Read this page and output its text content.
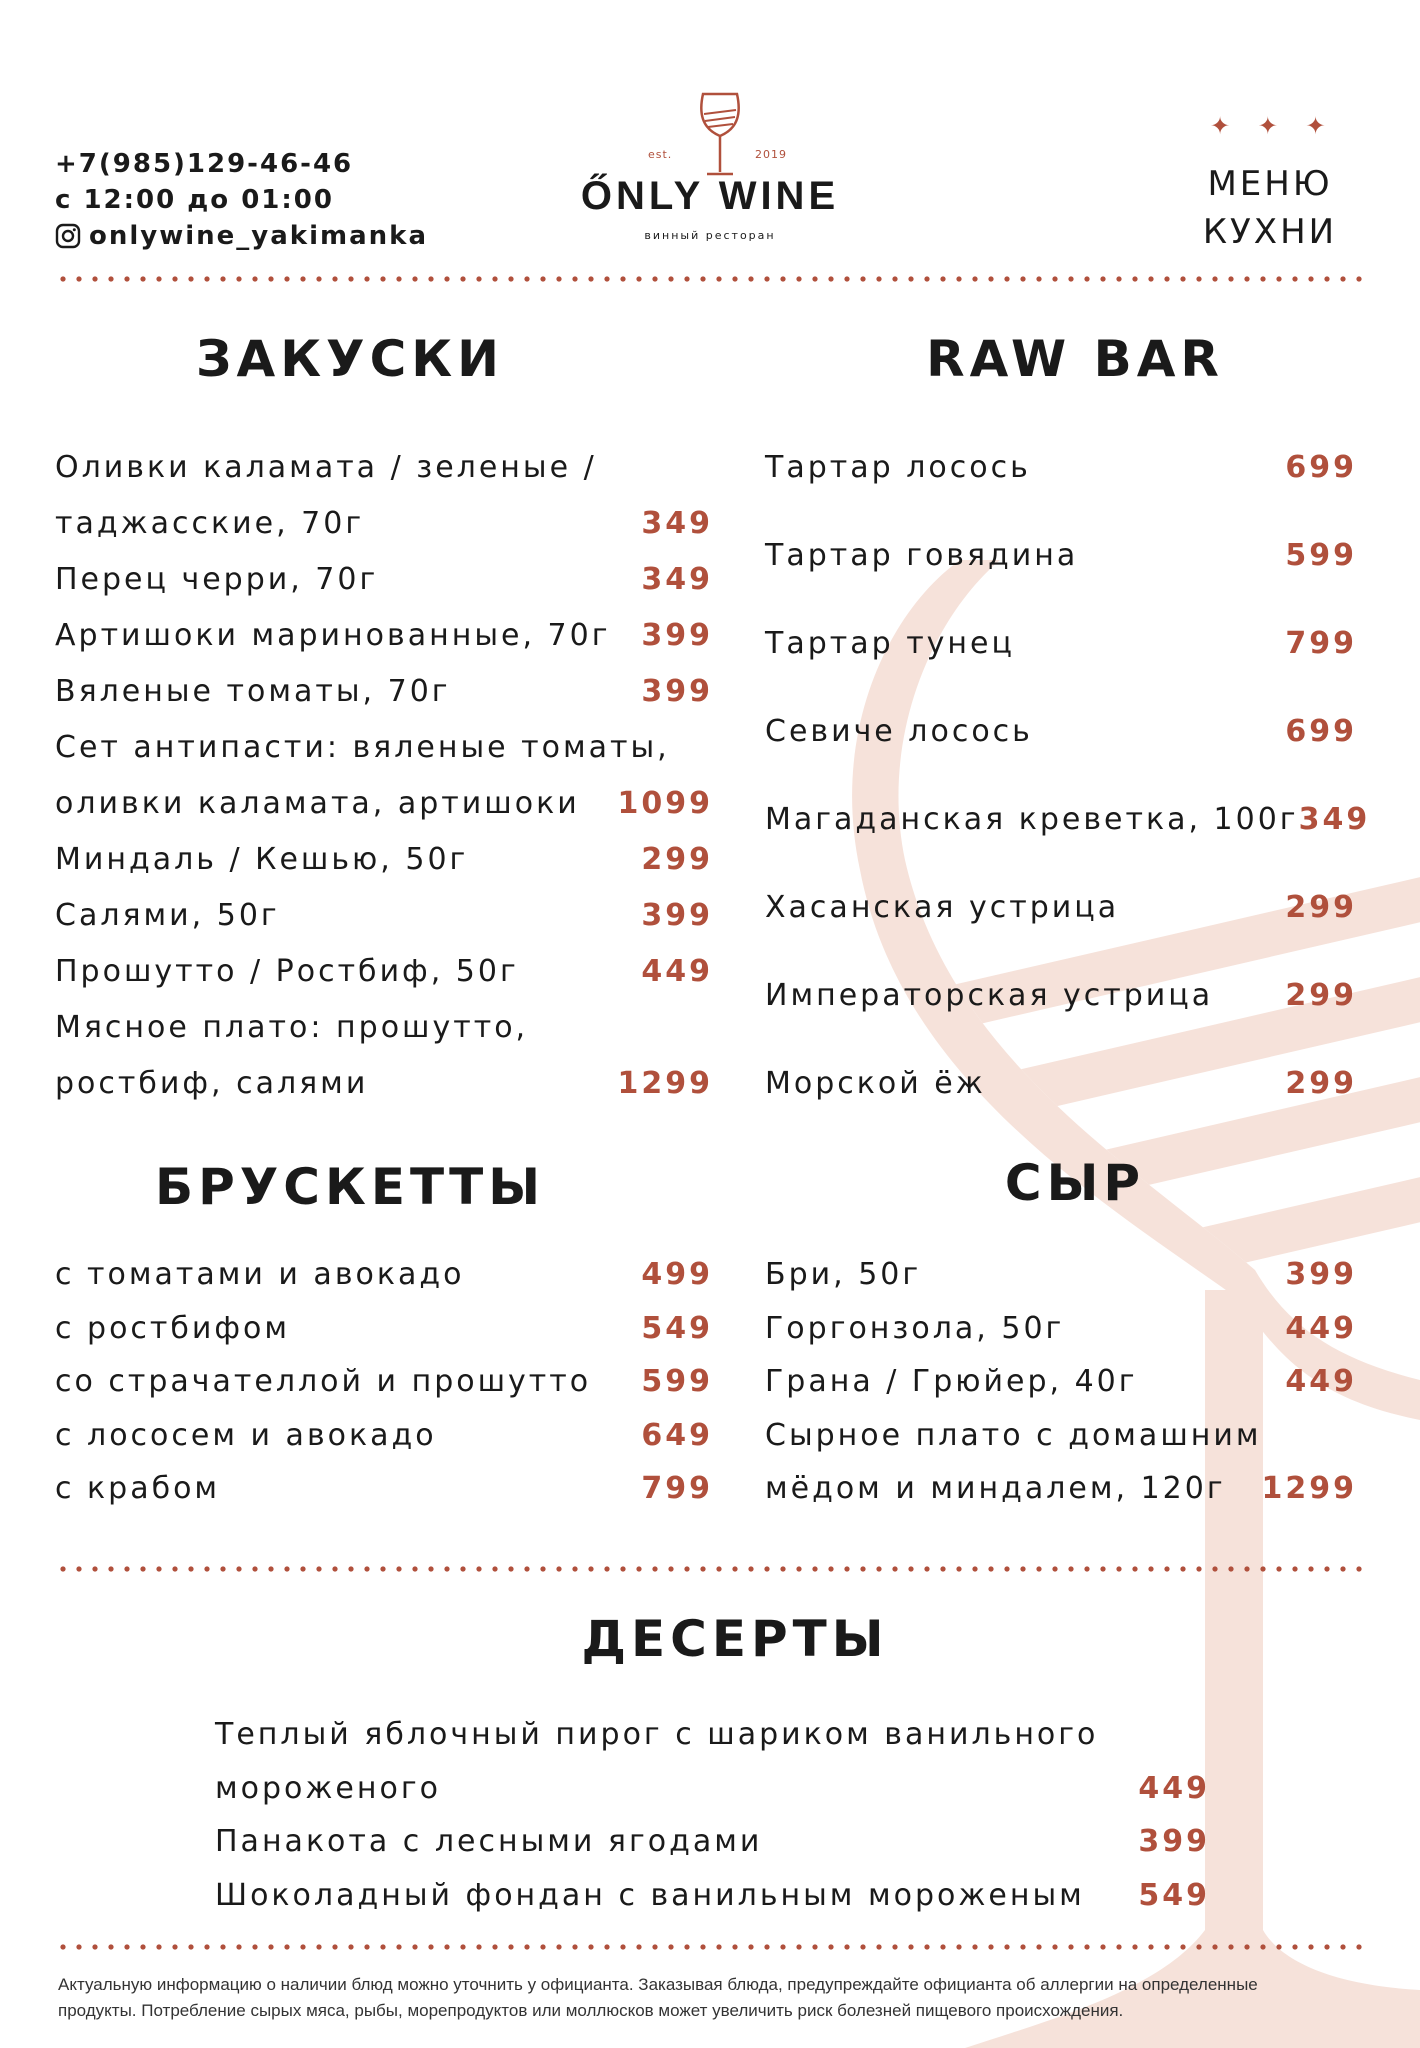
+7(985)129-46-46
с 12:00 до 01:00
onlywine_yakimanka
est.	2019
ŐNLY WINE
винный ресторан
✦ ✦ ✦
МЕНЮ
КУХНИ
ЗАКУСКИ
Оливки каламата / зеленые /
таджасские, 70г	349
Перец черри, 70г	349
Артишоки маринованные, 70г 399
Вяленые томаты, 70г	399
Сет антипасти: вяленые томаты,
оливки каламата, артишоки 1099
Миндаль / Кешью, 50г	299
Салями, 50г	399
Прошутто / Ростбиф, 50г	449
Мясное плато: прошутто,
ростбиф, салями	1299
RAW BAR
Тартар лосось	699
Тартар говядина	599
Тартар тунец	799
Севиче лосось	699
Магаданская креветка, 100г 349
Хасанская устрица	299
Императорская устрица 299
Морской ёж	299
БРУСКЕТТЫ
с томатами и авокадо	499
с ростбифом	549
со страчателлой и прошутто 599
с лососем и авокадо	649
с крабом	799
СЫР
Бри, 50г	399
Горгонзола, 50г	449
Грана / Грюйер, 40г	449
Сырное плато с домашним
мёдом и миндалем, 120г 1299
ДЕСЕРТЫ
Теплый яблочный пирог с шариком ванильного
мороженого	449
Панакота с лесными ягодами	399
Шоколадный фондан с ванильным мороженым 549
Актуальную информацию о наличии блюд можно уточнить у официанта. Заказывая блюда, предупреждайте официанта об аллергии на определенные
продукты. Потребление сырых мяса, рыбы, морепродуктов или моллюсков может увеличить риск болезней пищевого происхождения.
